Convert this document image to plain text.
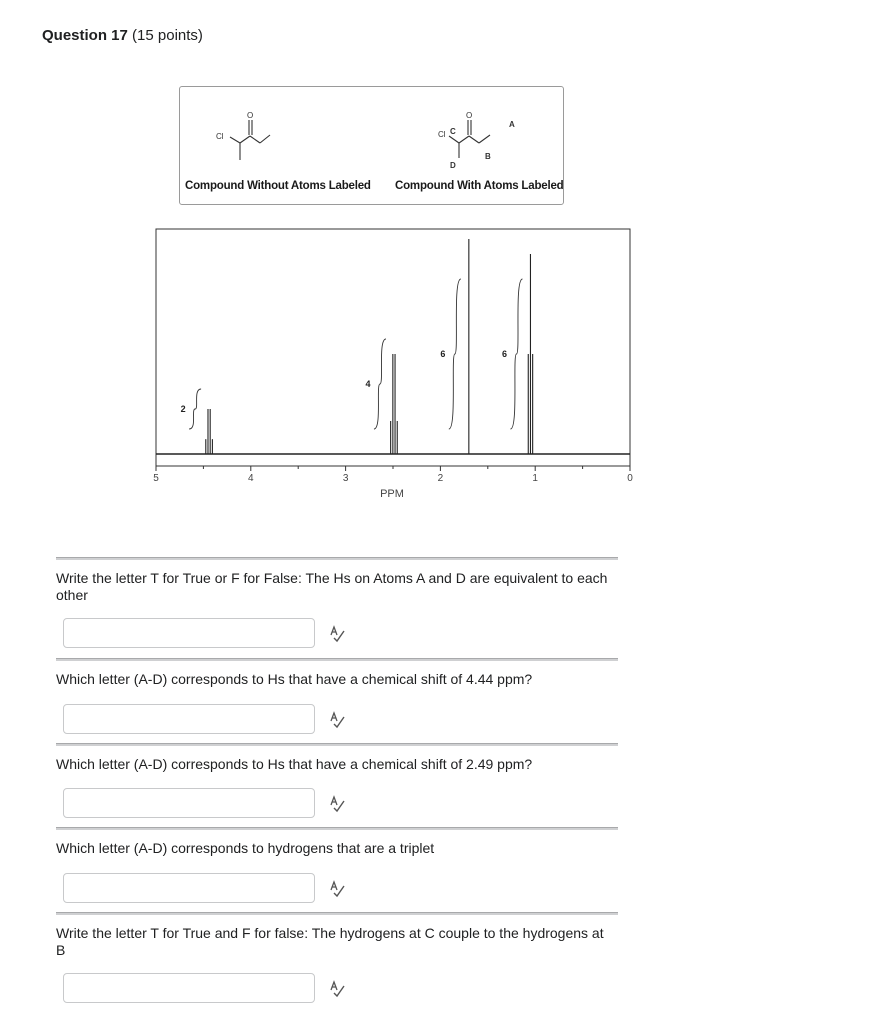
Question 17 (15 points)
Cl
O
Cl C
O
A
B
D
Compound Without Atoms Labeled Compound With Atoms Labeled
5	4	3	2	1	0
PPM
2
4
6	6
Write the letter T for True or F for False: The Hs on Atoms A and D are equivalent to each other
Which letter (A-D) corresponds to Hs that have a chemical shift of 4.44 ppm?
Which letter (A-D) corresponds to Hs that have a chemical shift of 2.49 ppm?
Which letter (A-D) corresponds to hydrogens that are a triplet
Write the letter T for True and F for false: The hydrogens at C couple to the hydrogens at B
